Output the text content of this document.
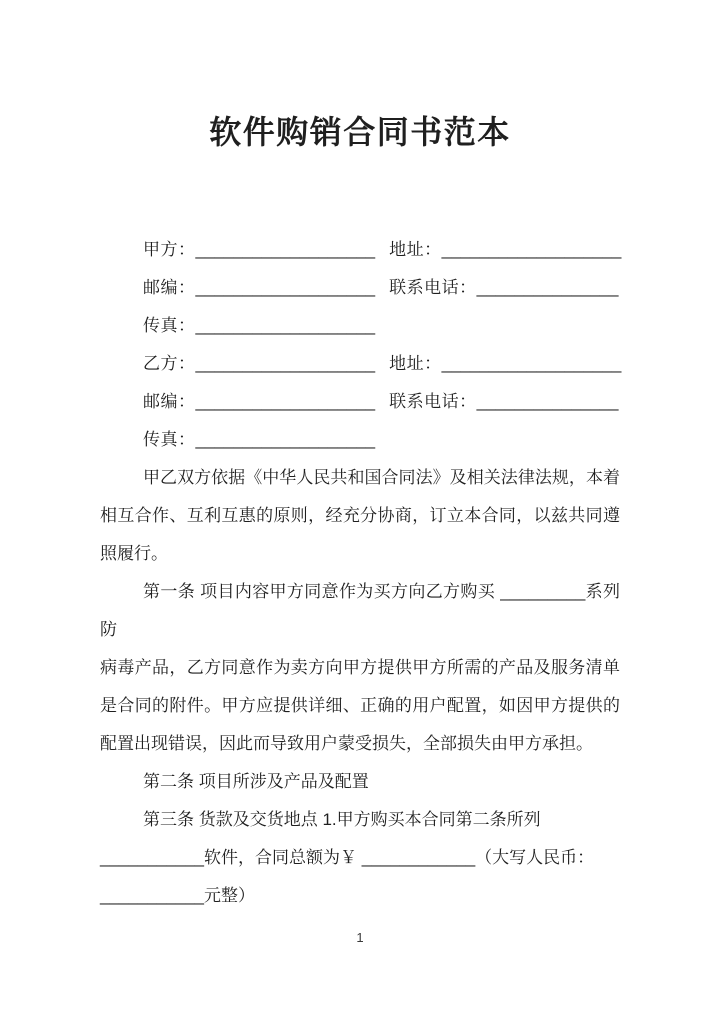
软件购销合同书范本
甲方：___________________ 地址：___________________
邮编：___________________ 联系电话：_______________
传真：___________________
乙方：___________________ 地址：___________________
邮编：___________________ 联系电话：_______________
传真：___________________
甲乙双方依据《中华人民共和国合同法》及相关法律法规，本着
相互合作、互利互惠的原则，经充分协商，订立本合同，以兹共同遵
照履行。
第一条 项目内容甲方同意作为买方向乙方购买 _________系列防
病毒产品，乙方同意作为卖方向甲方提供甲方所需的产品及服务清单
是合同的附件。甲方应提供详细、正确的用户配置，如因甲方提供的
配置出现错误，因此而导致用户蒙受损失，全部损失由甲方承担。
第二条 项目所涉及产品及配置
第三条 货款及交货地点 1.甲方购买本合同第二条所列
___________软件，合同总额为￥ ____________（大写人民币：
___________元整）
1
